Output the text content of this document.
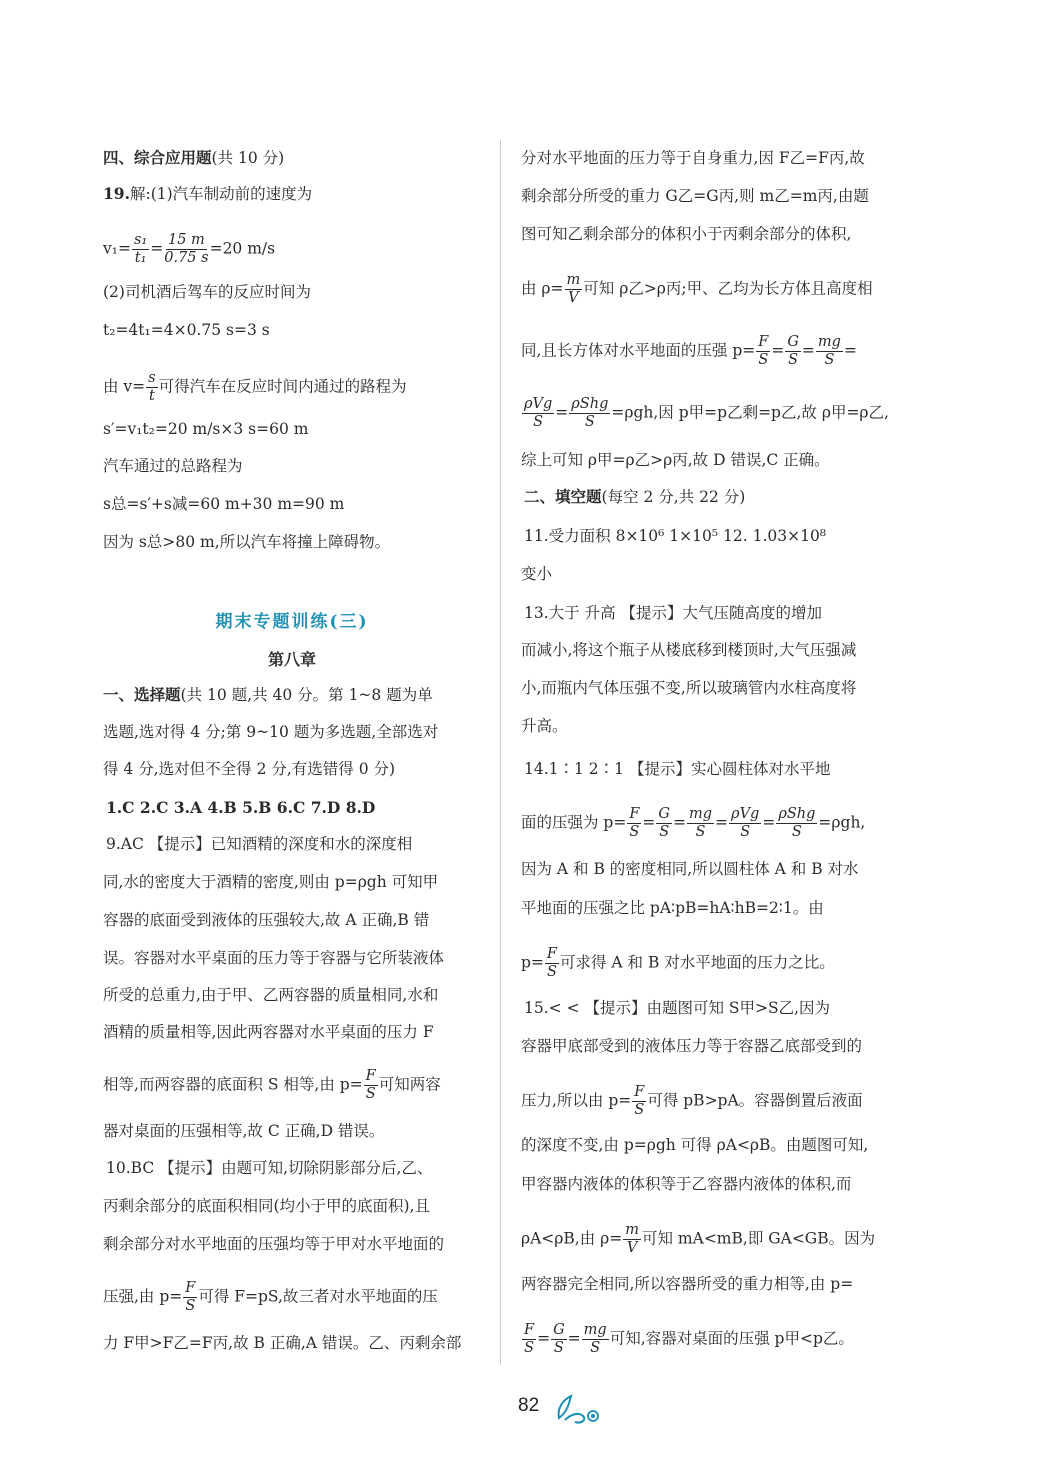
四、综合应用题(共 10 分)
19.解:(1)汽车制动前的速度为
$v_1= \frac{\text{s₁}}{\text{t₁}} = \frac{15 m}{0.75 s} =20$ m/s
(2)司机酒后驾车的反应时间为
t₂=4t₁=4×0.75 s=3 s
由 $v= \frac{s}{t}$ 可得汽车在反应时间内通过的路程为
s′=v₁t₂=20 m/s×3 s=60 m
汽车通过的总路程为
s总=s′+s减=60 m+30 m=90 m
因为 s总>80 m,所以汽车将撞上障碍物。
期末专题训练(三)
第八章
一、选择题(共 10 题,共 40 分。第 1~8 题为单
选题,选对得 4 分;第 9~10 题为多选题,全部选对
得 4 分,选对但不全得 2 分,有选错得 0 分)
1.C 2.C 3.A 4.B 5.B 6.C 7.D 8.D
9.AC 【提示】已知酒精的深度和水的深度相
同,水的密度大于酒精的密度,则由 p=ρgh 可知甲
容器的底面受到液体的压强较大,故 A 正确,B 错
误。容器对水平桌面的压力等于容器与它所装液体
所受的总重力,由于甲、乙两容器的质量相同,水和
酒精的质量相等,因此两容器对水平桌面的压力 F
相等,而两容器的底面积 S 相等,由 $p= \frac{F}{S}$ 可知两容
器对桌面的压强相等,故 C 正确,D 错误。
10.BC 【提示】由题可知,切除阴影部分后,乙、
丙剩余部分的底面积相同(均小于甲的底面积),且
剩余部分对水平地面的压强均等于甲对水平地面的
压强,由 $p= \frac{F}{S}$ 可得 F=pS,故三者对水平地面的压
力 F甲>F乙=F丙,故 B 正确,A 错误。乙、丙剩余部
分对水平地面的压力等于自身重力,因 F乙=F丙,故
剩余部分所受的重力 G乙=G丙,则 m乙=m丙,由题
图可知乙剩余部分的体积小于丙剩余部分的体积,
由 $\rho= \frac{m}{V}$ 可知 ρ乙>ρ丙;甲、乙均为长方体且高度相
同,且长方体对水平地面的压强 $p= \frac{F}{S} = \frac{G}{S} = \frac{mg}{S}$ =
$\frac{\text{ρVg}}{S} = \frac{\text{ρShg}}{S} =\rho gh$,因 p甲=p乙剩=p乙,故 ρ甲=ρ乙,
综上可知 ρ甲=ρ乙>ρ丙,故 D 错误,C 正确。
二、填空题(每空 2 分,共 22 分)
11.受力面积 8×10⁶ 1×10⁵ 12. 1.03×10⁸
变小
13.大于 升高 【提示】大气压随高度的增加
而减小,将这个瓶子从楼底移到楼顶时,大气压强减
小,而瓶内气体压强不变,所以玻璃管内水柱高度将
升高。
14.1∶1 2∶1 【提示】实心圆柱体对水平地
面的压强为 $p= \frac{F}{S} = \frac{G}{S} = \frac{mg}{S} = \frac{\text{ρVg}}{S} = \frac{\text{ρShg}}{S} =\rho gh$,
因为 A 和 B 的密度相同,所以圆柱体 A 和 B 对水
平地面的压强之比 pA∶pB=hA∶hB=2∶1。由
$p= \frac{F}{S}$ 可求得 A 和 B 对水平地面的压力之比。
15.< < 【提示】由题图可知 S甲>S乙,因为
容器甲底部受到的液体压力等于容器乙底部受到的
压力,所以由 $p= \frac{F}{S}$ 可得 pB>pA。容器倒置后液面
的深度不变,由 p=ρgh 可得 ρA<ρB。由题图可知,
甲容器内液体的体积等于乙容器内液体的体积,而
ρA<ρB,由 $\rho= \frac{m}{V}$ 可知 mA<mB,即 GA<GB。因为
两容器完全相同,所以容器所受的重力相等,由 p=
$\frac{F}{S} = \frac{G}{S} = \frac{mg}{S}$ 可知,容器对桌面的压强 p甲<p乙。
82
